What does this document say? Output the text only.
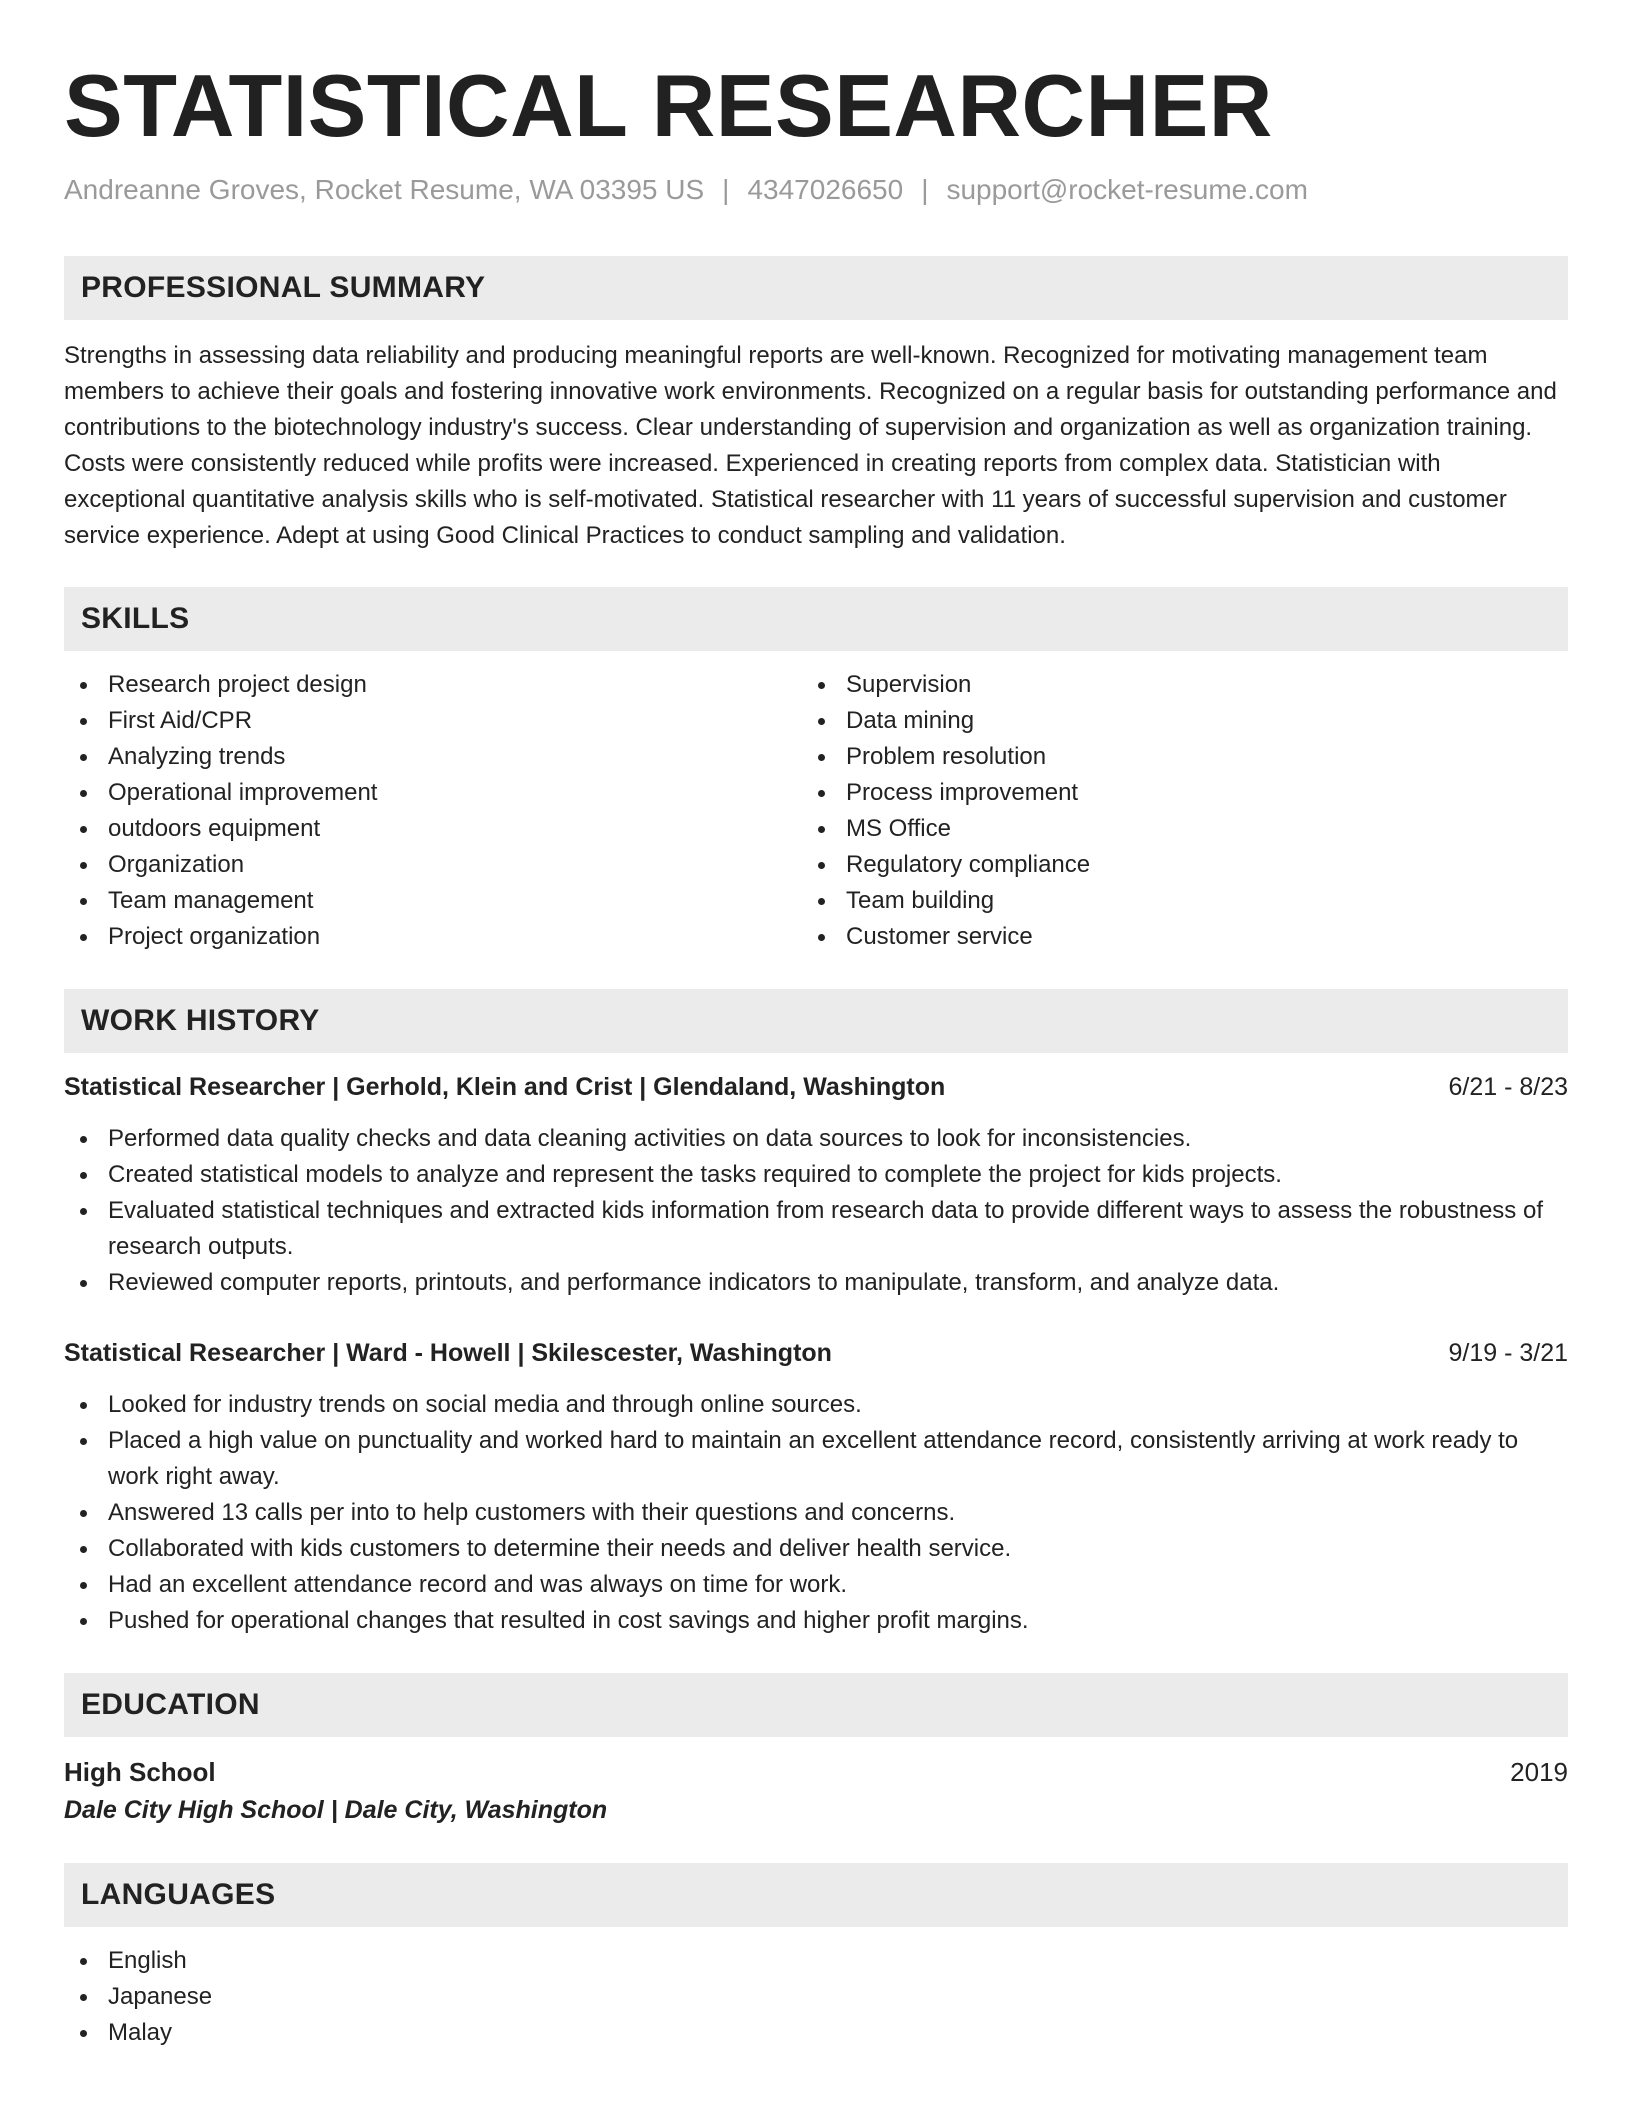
STATISTICAL RESEARCHER
Andreanne Groves, Rocket Resume, WA 03395 US | 4347026650 | support@rocket-resume.com
PROFESSIONAL SUMMARY

Strengths in assessing data reliability and producing meaningful reports are well-known. Recognized for motivating management team members to achieve their goals and fostering innovative work environments. Recognized on a regular basis for outstanding performance and contributions to the biotechnology industry's success. Clear understanding of supervision and organization as well as organization training. Costs were consistently reduced while profits were increased. Experienced in creating reports from complex data. Statistician with exceptional quantitative analysis skills who is self-motivated. Statistical researcher with 11 years of successful supervision and customer service experience. Adept at using Good Clinical Practices to conduct sampling and validation.

SKILLS
Research project design
First Aid/CPR
Analyzing trends
Operational improvement
outdoors equipment
Organization
Team management
Project organization
Supervision
Data mining
Problem resolution
Process improvement
MS Office
Regulatory compliance
Team building
Customer service
WORK HISTORY
Statistical Researcher | Gerhold, Klein and Crist | Glendaland, Washington	6/21 - 8/23
Performed data quality checks and data cleaning activities on data sources to look for inconsistencies.
Created statistical models to analyze and represent the tasks required to complete the project for kids projects.
Evaluated statistical techniques and extracted kids information from research data to provide different ways to assess the robustness of research outputs.
Reviewed computer reports, printouts, and performance indicators to manipulate, transform, and analyze data.
Statistical Researcher | Ward - Howell | Skilescester, Washington	9/19 - 3/21
Looked for industry trends on social media and through online sources.
Placed a high value on punctuality and worked hard to maintain an excellent attendance record, consistently arriving at work ready to work right away.
Answered 13 calls per into to help customers with their questions and concerns.
Collaborated with kids customers to determine their needs and deliver health service.
Had an excellent attendance record and was always on time for work.
Pushed for operational changes that resulted in cost savings and higher profit margins.
EDUCATION
High School	2019
Dale City High School | Dale City, Washington
LANGUAGES
English
Japanese
Malay
